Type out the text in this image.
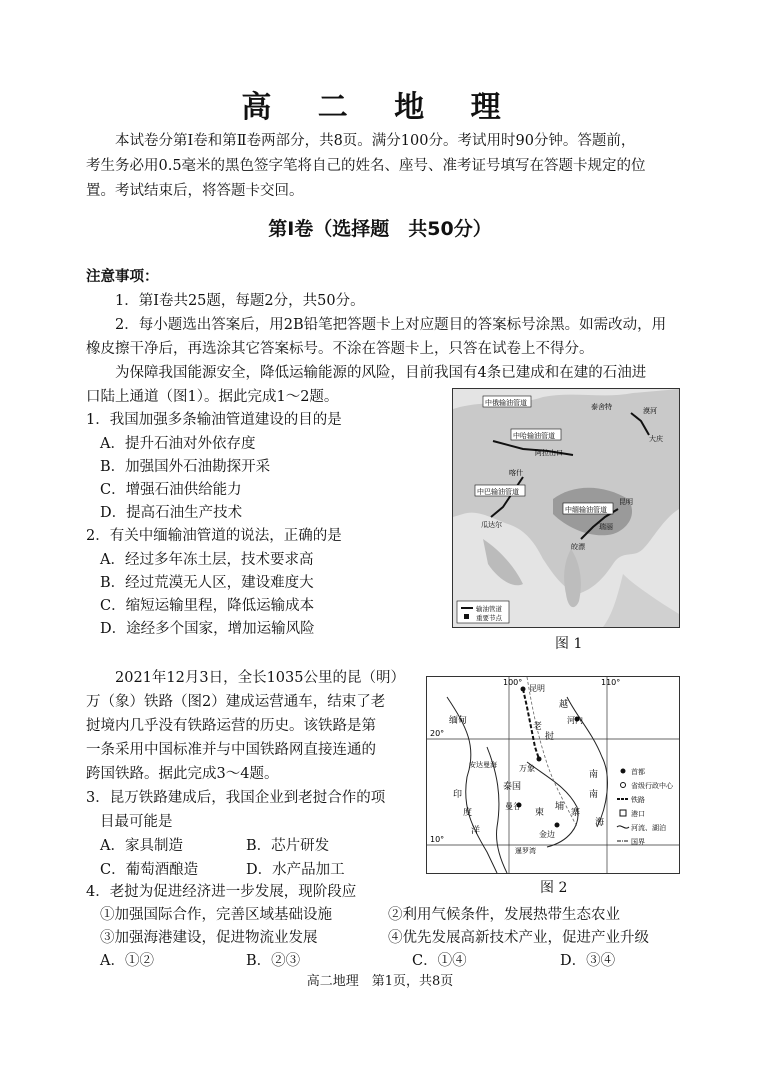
高 二 地 理
本试卷分第Ⅰ卷和第Ⅱ卷两部分，共8页。满分100分。考试用时90分钟。答题前，
考生务必用0.5毫米的黑色签字笔将自己的姓名、座号、准考证号填写在答题卡规定的位
置。考试结束后，将答题卡交回。
第Ⅰ卷（选择题　共50分）
注意事项：
1．第Ⅰ卷共25题，每题2分，共50分。
2．每小题选出答案后，用2B铅笔把答题卡上对应题目的答案标号涂黑。如需改动，用
橡皮擦干净后，再选涂其它答案标号。不涂在答题卡上，只答在试卷上不得分。
为保障我国能源安全，降低运输能源的风险，目前我国有4条已建成和在建的石油进
口陆上通道（图1）。据此完成1～2题。
1．我国加强多条输油管道建设的目的是
A．提升石油对外依存度
B．加强国外石油勘探开采
C．增强石油供给能力
D．提高石油生产技术
2．有关中缅输油管道的说法，正确的是
A．经过多年冻土层，技术要求高
B．经过荒漠无人区，建设难度大
C．缩短运输里程，降低运输成本
D．途经多个国家，增加运输风险
中俄输油管道	泰舍特	漠河
大庆
中哈输油管道
阿拉山口
喀什
中巴输油管道
瓜达尔
中缅输油管道
昆明
瑞丽
皎漂
输油管道
重要节点
图 1
2021年12月3日，全长1035公里的昆（明）
万（象）铁路（图2）建成运营通车，结束了老
挝境内几乎没有铁路运营的历史。该铁路是第
一条采用中国标准并与中国铁路网直接连通的
跨国铁路。据此完成3～4题。
3．昆万铁路建成后，我国企业到老挝合作的项
目最可能是
A．家具制造	B．芯片研发
C．葡萄酒酿造	D．水产品加工
100°	110°
20°
10°
昆明
缅甸
越
河内
老
挝
万象
泰国
柬
埔
寨
曼谷
金边
南
印
度
洋
安达曼海
暹罗湾
海
南	首都
省级行政中心
铁路
港口
河流、湖泊
国界
图 2
4．老挝为促进经济进一步发展，现阶段应
①加强国际合作，完善区域基础设施	②利用气候条件，发展热带生态农业
③加强海港建设，促进物流业发展	④优先发展高新技术产业，促进产业升级
A．①②	B．②③	C．①④	D．③④
高二地理　第1页，共8页
